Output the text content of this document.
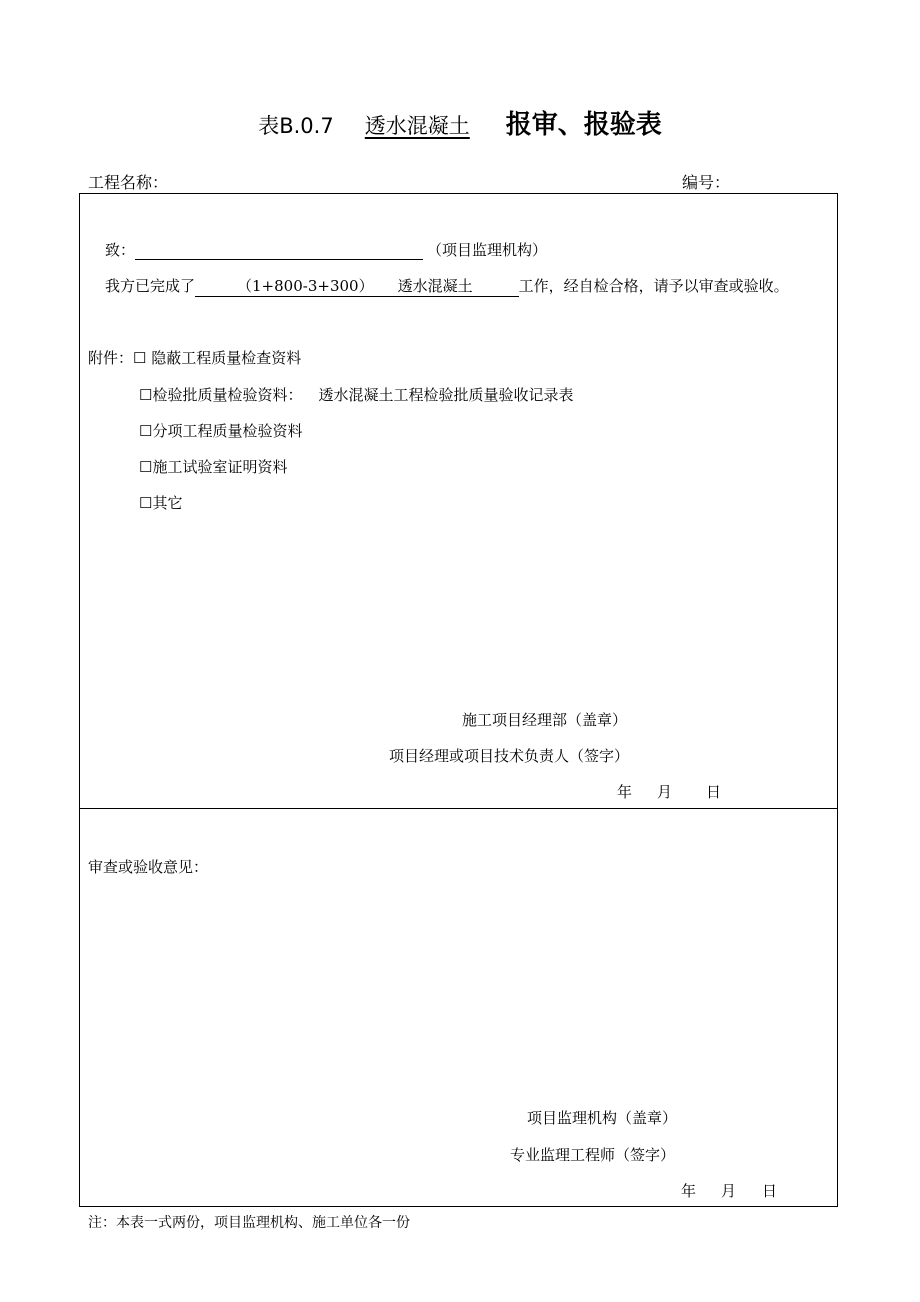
表B.0.7 透水混凝土 报审、报验表
工程名称：	编号：
致：	（项目监理机构）
我方已完成了	（1+800-3+300） 透水混凝土	工作，经自检合格，请予以审查或验收。
附件：☐ 隐蔽工程质量检查资料
☐检验批质量检验资料： 透水混凝土工程检验批质量验收记录表
☐分项工程质量检验资料
☐施工试验室证明资料
☐其它
施工项目经理部（盖章）
项目经理或项目技术负责人（签字）
年 月 日
审查或验收意见：
项目监理机构（盖章）
专业监理工程师（签字）
年 月 日
注：本表一式两份，项目监理机构、施工单位各一份
